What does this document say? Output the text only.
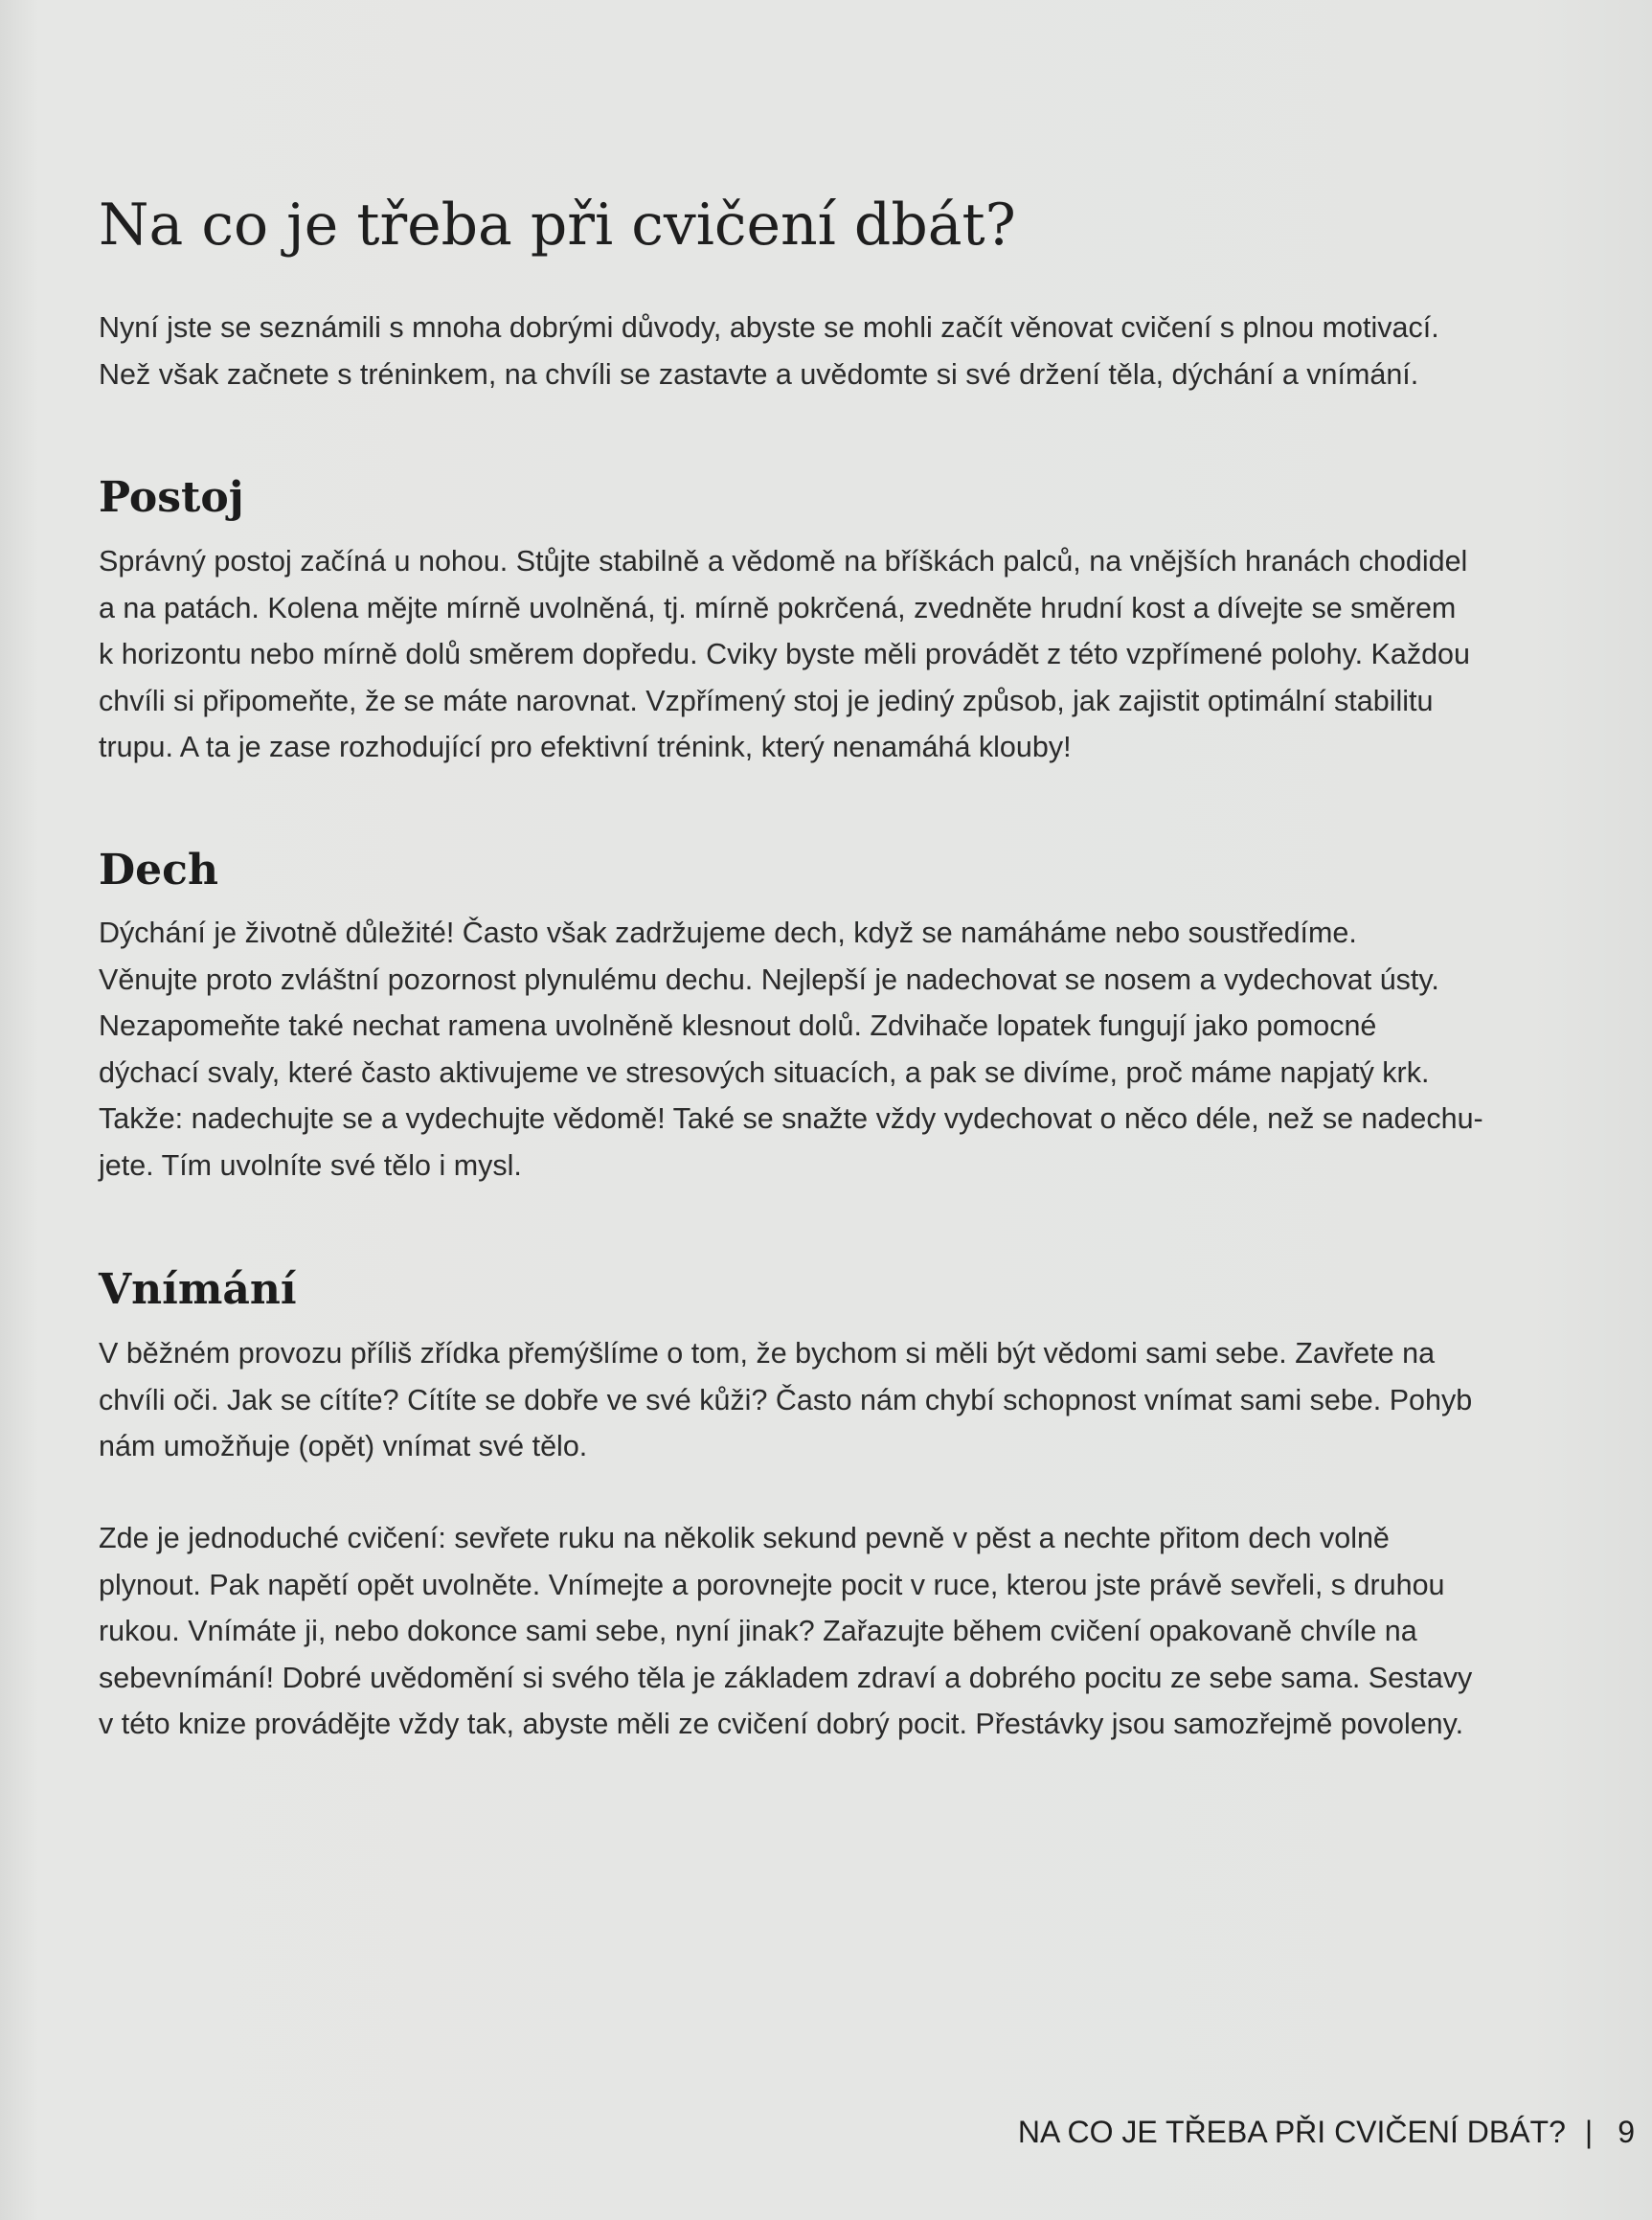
Na co je třeba při cvičení dbát?

Nyní jste se seznámili s mnoha dobrými důvody, abyste se mohli začít věnovat cvičení s plnou motivací.
Než však začnete s tréninkem, na chvíli se zastavte a uvědomte si své držení těla, dýchání a vnímání.

Postoj

Správný postoj začíná u nohou. Stůjte stabilně a vědomě na bříškách palců, na vnějších hranách chodidel
a na patách. Kolena mějte mírně uvolněná, tj. mírně pokrčená, zvedněte hrudní kost a dívejte se směrem
k horizontu nebo mírně dolů směrem dopředu. Cviky byste měli provádět z této vzpřímené polohy. Každou
chvíli si připomeňte, že se máte narovnat. Vzpřímený stoj je jediný způsob, jak zajistit optimální stabilitu
trupu. A ta je zase rozhodující pro efektivní trénink, který nenamáhá klouby!

Dech

Dýchání je životně důležité! Často však zadržujeme dech, když se namáháme nebo soustředíme.
Věnujte proto zvláštní pozornost plynulému dechu. Nejlepší je nadechovat se nosem a vydechovat ústy.
Nezapomeňte také nechat ramena uvolněně klesnout dolů. Zdvihače lopatek fungují jako pomocné
dýchací svaly, které často aktivujeme ve stresových situacích, a pak se divíme, proč máme napjatý krk.
Takže: nadechujte se a vydechujte vědomě! Také se snažte vždy vydechovat o něco déle, než se nadechu-
jete. Tím uvolníte své tělo i mysl.

Vnímání

V běžném provozu příliš zřídka přemýšlíme o tom, že bychom si měli být vědomi sami sebe. Zavřete na
chvíli oči. Jak se cítíte? Cítíte se dobře ve své kůži? Často nám chybí schopnost vnímat sami sebe. Pohyb
nám umožňuje (opět) vnímat své tělo.

Zde je jednoduché cvičení: sevřete ruku na několik sekund pevně v pěst a nechte přitom dech volně
plynout. Pak napětí opět uvolněte. Vnímejte a porovnejte pocit v ruce, kterou jste právě sevřeli, s druhou
rukou. Vnímáte ji, nebo dokonce sami sebe, nyní jinak? Zařazujte během cvičení opakovaně chvíle na
sebevnímání! Dobré uvědomění si svého těla je základem zdraví a dobrého pocitu ze sebe sama. Sestavy
v této knize provádějte vždy tak, abyste měli ze cvičení dobrý pocit. Přestávky jsou samozřejmě povoleny.

NA CO JE TŘEBA PŘI CVIČENÍ DBÁT? | 9
